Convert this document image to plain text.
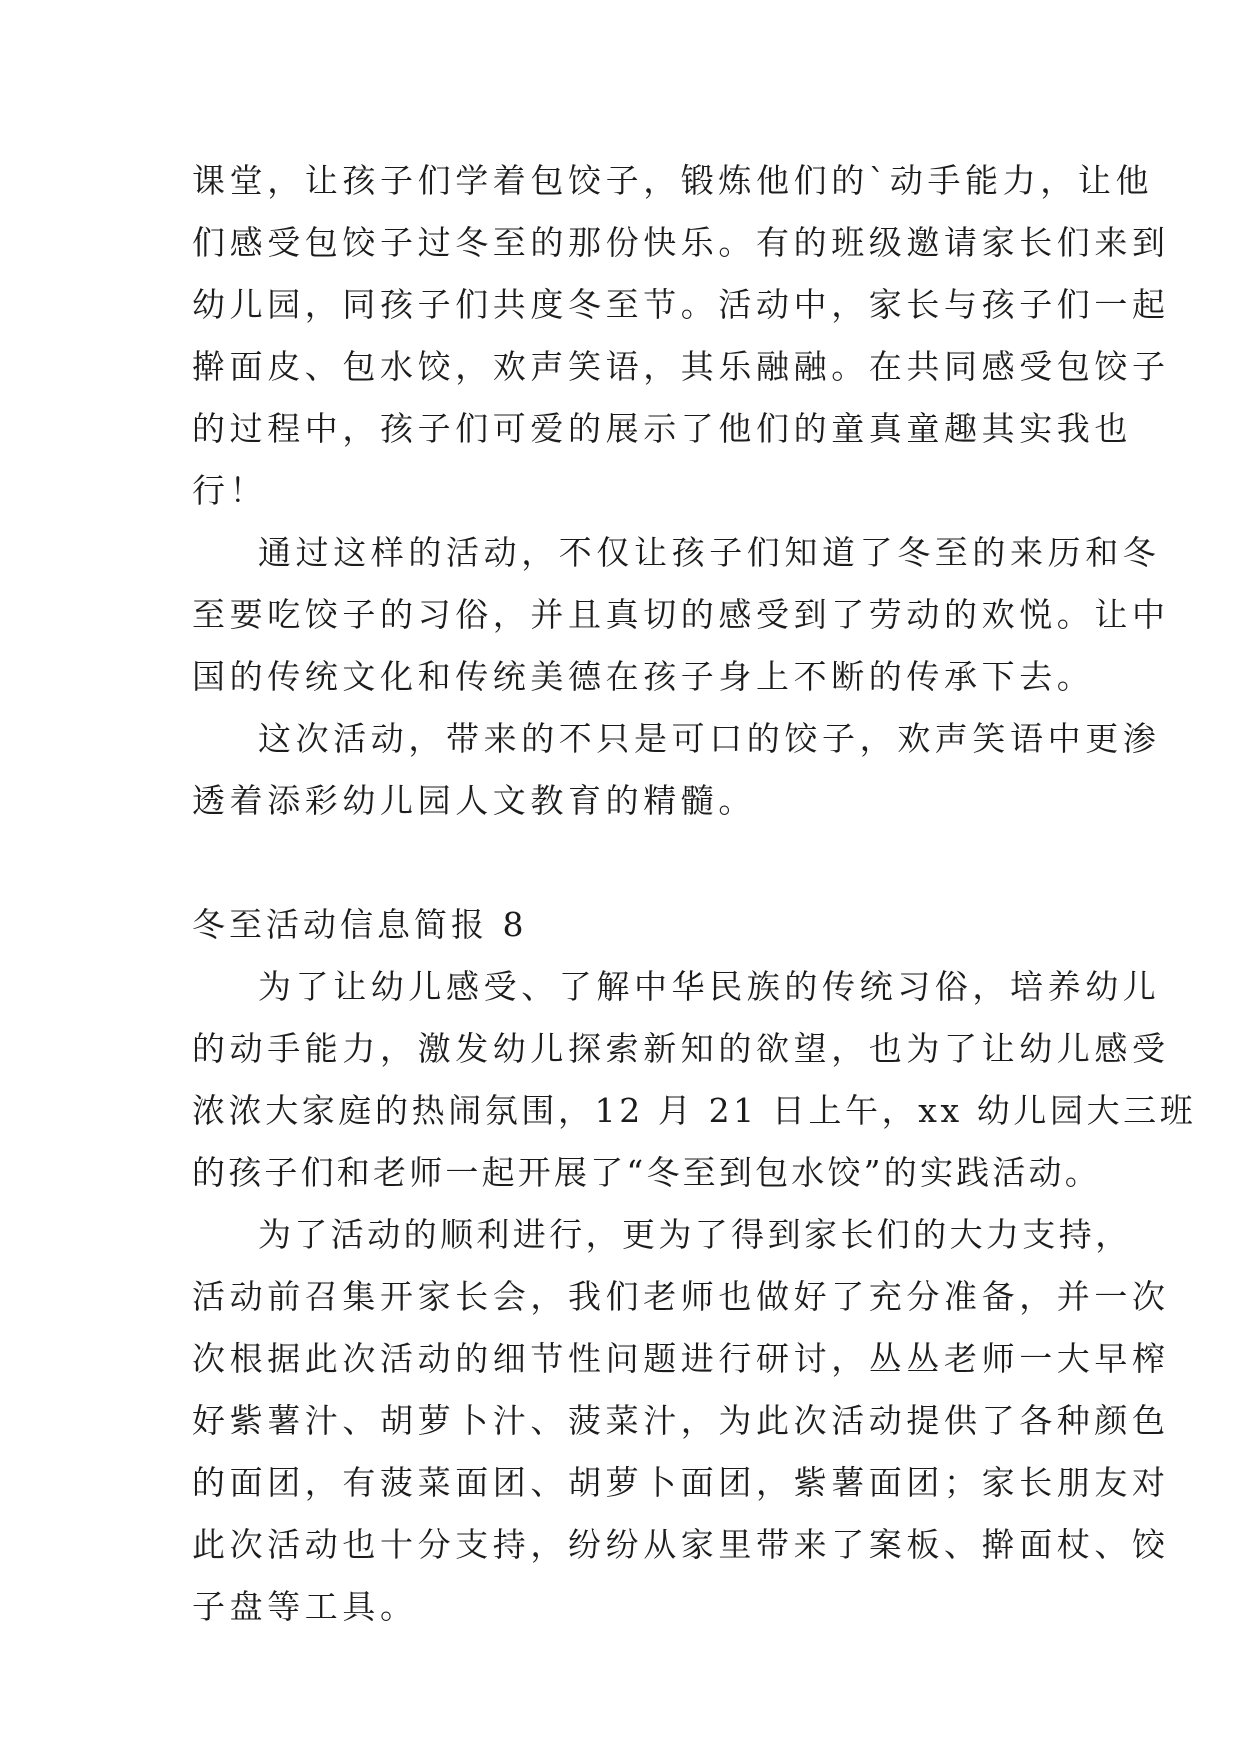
课堂，让孩子们学着包饺子，锻炼他们的`动手能力，让他
们感受包饺子过冬至的那份快乐。有的班级邀请家长们来到
幼儿园，同孩子们共度冬至节。活动中，家长与孩子们一起
擀面皮、包水饺，欢声笑语，其乐融融。在共同感受包饺子
的过程中，孩子们可爱的展示了他们的童真童趣其实我也
行！

通过这样的活动，不仅让孩子们知道了冬至的来历和冬
至要吃饺子的习俗，并且真切的感受到了劳动的欢悦。让中
国的传统文化和传统美德在孩子身上不断的传承下去。

这次活动，带来的不只是可口的饺子，欢声笑语中更渗
透着添彩幼儿园人文教育的精髓。

冬至活动信息简报 8

为了让幼儿感受、了解中华民族的传统习俗，培养幼儿
的动手能力，激发幼儿探索新知的欲望，也为了让幼儿感受
浓浓大家庭的热闹氛围，12 月 21 日上午，xx 幼儿园大三班
的孩子们和老师一起开展了“冬至到包水饺”的实践活动。

为了活动的顺利进行，更为了得到家长们的大力支持，
活动前召集开家长会，我们老师也做好了充分准备，并一次
次根据此次活动的细节性问题进行研讨，丛丛老师一大早榨
好紫薯汁、胡萝卜汁、菠菜汁，为此次活动提供了各种颜色
的面团，有菠菜面团、胡萝卜面团，紫薯面团；家长朋友对
此次活动也十分支持，纷纷从家里带来了案板、擀面杖、饺
子盘等工具。
